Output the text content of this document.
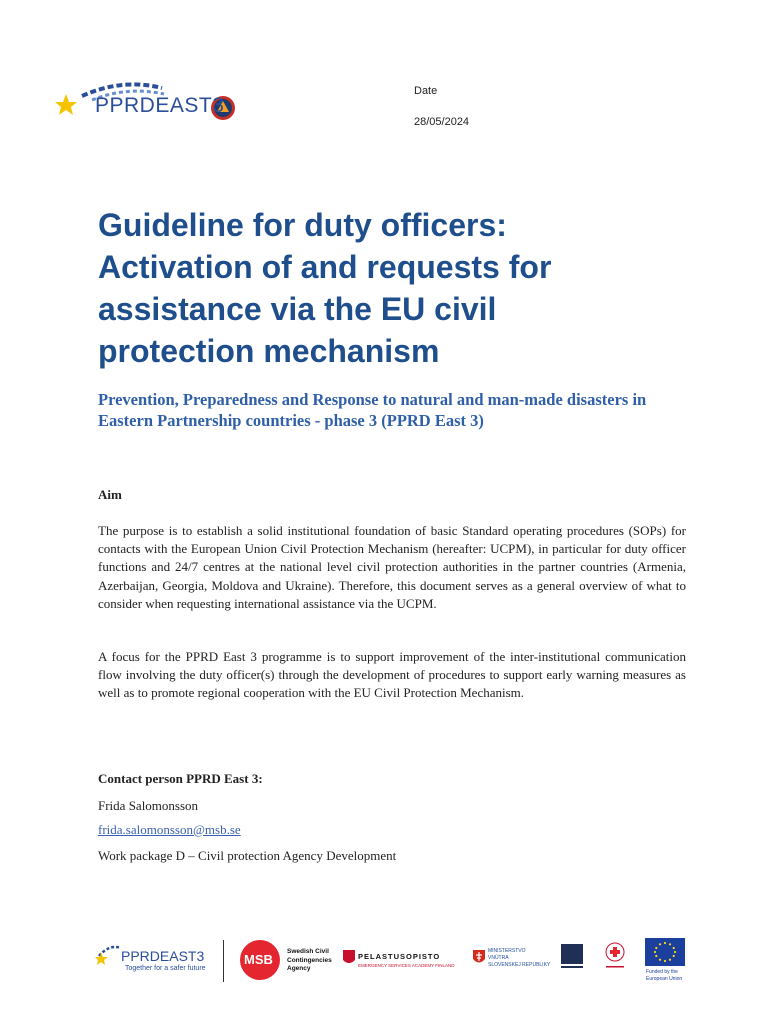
PPRDEAST3
Date
28/05/2024
Guideline for duty officers: Activation of and requests for assistance via the EU civil protection mechanism
Prevention, Preparedness and Response to natural and man-made disasters in Eastern Partnership countries - phase 3 (PPRD East 3)
Aim

The purpose is to establish a solid institutional foundation of basic Standard operating procedures (SOPs) for contacts with the European Union Civil Protection Mechanism (hereafter: UCPM), in particular for duty officer functions and 24/7 centres at the national level civil protection authorities in the partner countries (Armenia, Azerbaijan, Georgia, Moldova and Ukraine). Therefore, this document serves as a general overview of what to consider when requesting international assistance via the UCPM.

A focus for the PPRD East 3 programme is to support improvement of the inter-institutional communication flow involving the duty officer(s) through the development of procedures to support early warning measures as well as to promote regional cooperation with the EU Civil Protection Mechanism.

Contact person PPRD East 3:
Frida Salomonsson
frida.salomonsson@msb.se
Work package D – Civil protection Agency Development
PPRDEAST3
Together for a safer future
MSB
Swedish Civil
Contingencies
Agency
PELASTUSOPISTO
EMERGENCY SERVICES ACADEMY FINLAND
MINISTERSTVO
VNÚTRA
SLOVENSKEJ REPUBLIKY
Funded by the
European Union
